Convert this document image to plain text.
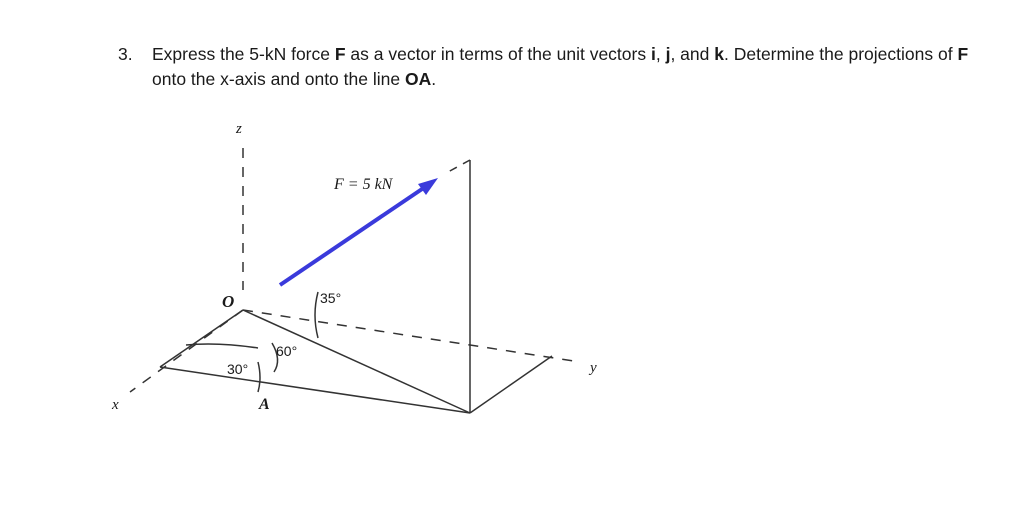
3. Express the 5-kN force F as a vector in terms of the unit vectors i, j, and k. Determine the projections of F onto the x-axis and onto the line OA.
z
x
y
O
A
F = 5 kN
35°
60°
30°
